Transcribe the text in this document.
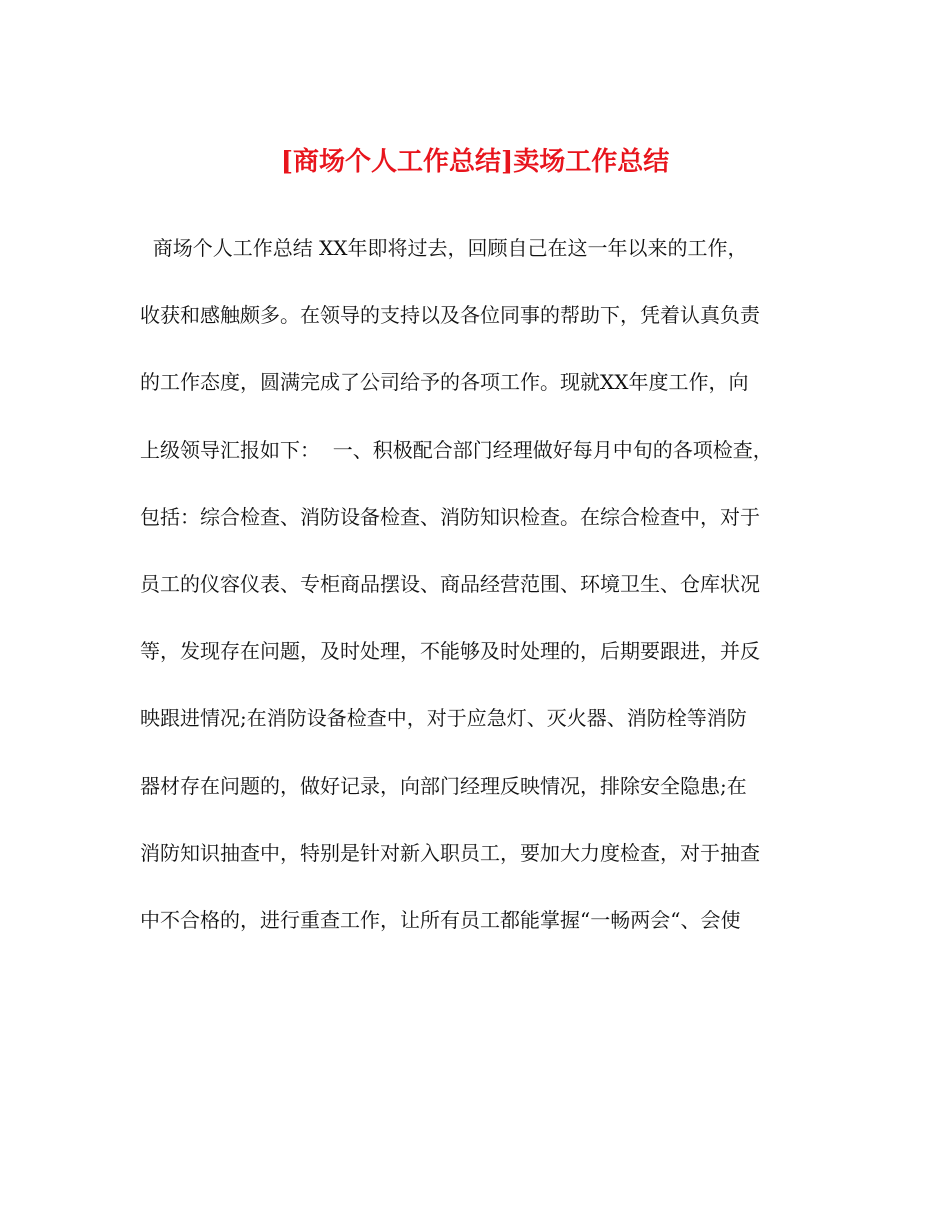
[商场个人工作总结]卖场工作总结
商场个人工作总结 XX年即将过去，回顾自己在这一年以来的工作，
收获和感触颇多。在领导的支持以及各位同事的帮助下，凭着认真负责
的工作态度，圆满完成了公司给予的各项工作。现就XX年度工作，向
上级领导汇报如下：  一、积极配合部门经理做好每月中旬的各项检查，
包括：综合检查、消防设备检查、消防知识检查。在综合检查中，对于
员工的仪容仪表、专柜商品摆设、商品经营范围、环境卫生、仓库状况
等，发现存在问题，及时处理，不能够及时处理的，后期要跟进，并反
映跟进情况;在消防设备检查中，对于应急灯、灭火器、消防栓等消防
器材存在问题的，做好记录，向部门经理反映情况，排除安全隐患;在
消防知识抽查中，特别是针对新入职员工，要加大力度检查，对于抽查
中不合格的，进行重查工作，让所有员工都能掌握“一畅两会“、会使
